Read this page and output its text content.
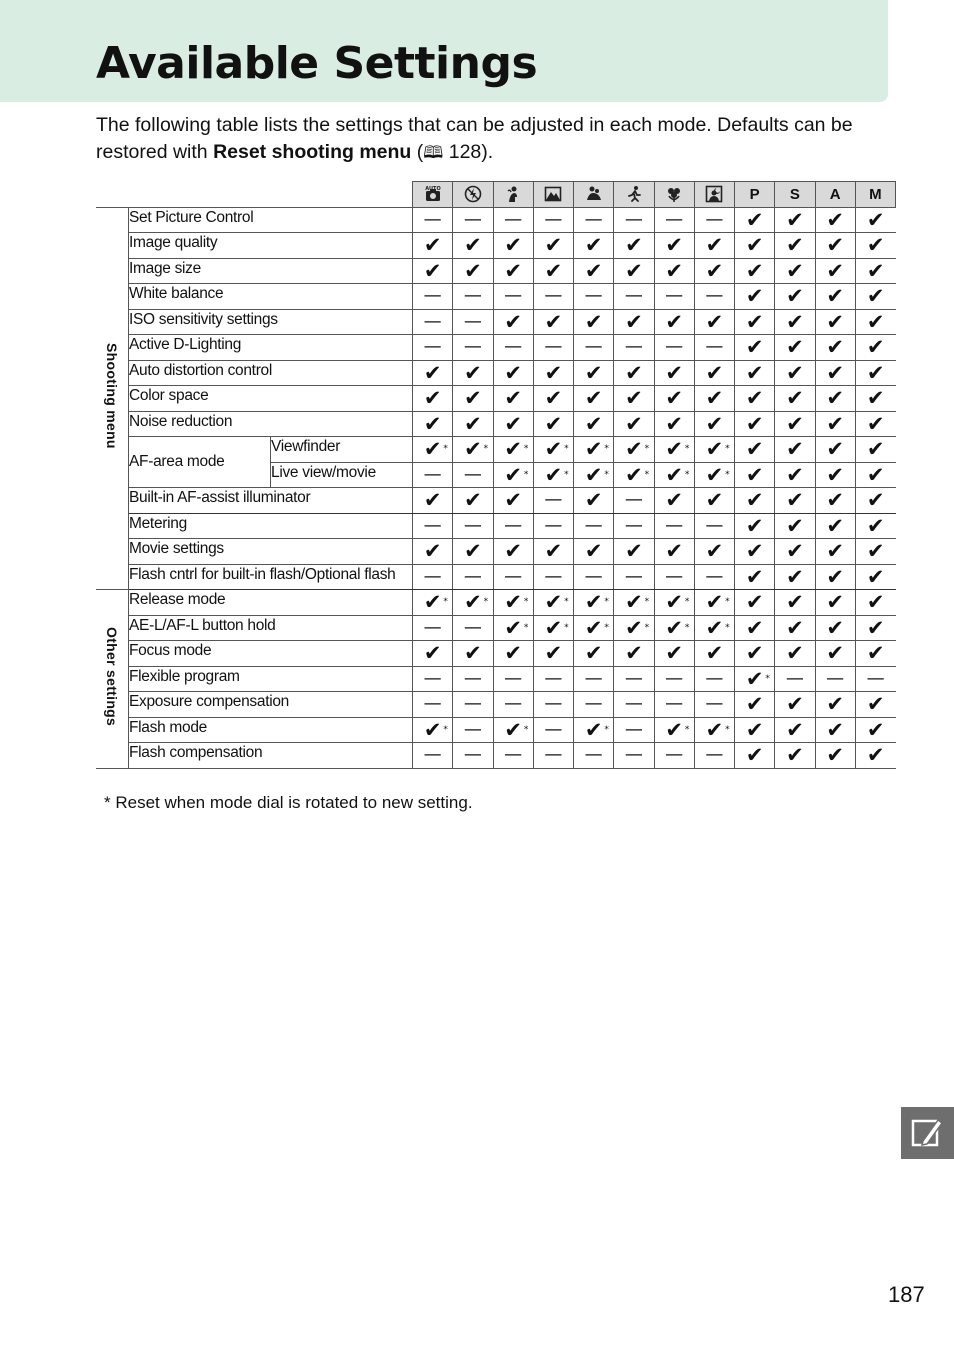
Available Settings

The following table lists the settings that can be adjusted in each mode. Defaults can be restored with Reset shooting menu (🕮 128).

AUTO								P	S	A	M
Shooting menu	Set Picture Control		—	—	—	—	—	—	—	—	✔	✔	✔	✔
	Image quality		✔	✔	✔	✔	✔	✔	✔	✔	✔	✔	✔	✔
	Image size		✔	✔	✔	✔	✔	✔	✔	✔	✔	✔	✔	✔
	White balance		—	—	—	—	—	—	—	—	✔	✔	✔	✔
	ISO sensitivity settings		—	—	✔	✔	✔	✔	✔	✔	✔	✔	✔	✔
	Active D-Lighting		—	—	—	—	—	—	—	—	✔	✔	✔	✔
	Auto distortion control		✔	✔	✔	✔	✔	✔	✔	✔	✔	✔	✔	✔
	Color space		✔	✔	✔	✔	✔	✔	✔	✔	✔	✔	✔	✔
	Noise reduction		✔	✔	✔	✔	✔	✔	✔	✔	✔	✔	✔	✔
	AF-area mode	Viewfinder	✔ *	✔ *	✔ *	✔ *	✔ *	✔ *	✔ *	✔ *	✔	✔	✔	✔
		Live view/movie	—	—	✔ *	✔ *	✔ *	✔ *	✔ *	✔ *	✔	✔	✔	✔
	Built-in AF-assist illuminator		✔	✔	✔	—	✔	—	✔	✔	✔	✔	✔	✔
	Metering		—	—	—	—	—	—	—	—	✔	✔	✔	✔
	Movie settings		✔	✔	✔	✔	✔	✔	✔	✔	✔	✔	✔	✔
	Flash cntrl for built-in flash/Optional flash		—	—	—	—	—	—	—	—	✔	✔	✔	✔
Other settings	Release mode		✔ *	✔ *	✔ *	✔ *	✔ *	✔ *	✔ *	✔ *	✔	✔	✔	✔
	AE-L/AF-L button hold		—	—	✔ *	✔ *	✔ *	✔ *	✔ *	✔ *	✔	✔	✔	✔
	Focus mode		✔	✔	✔	✔	✔	✔	✔	✔	✔	✔	✔	✔
	Flexible program		—	—	—	—	—	—	—	—	✔ *	—	—	—
	Exposure compensation		—	—	—	—	—	—	—	—	✔	✔	✔	✔
	Flash mode		✔ *	—	✔ *	—	✔ *	—	✔ *	✔ *	✔	✔	✔	✔
	Flash compensation		—	—	—	—	—	—	—	—	✔	✔	✔	✔
* Reset when mode dial is rotated to new setting.
187
